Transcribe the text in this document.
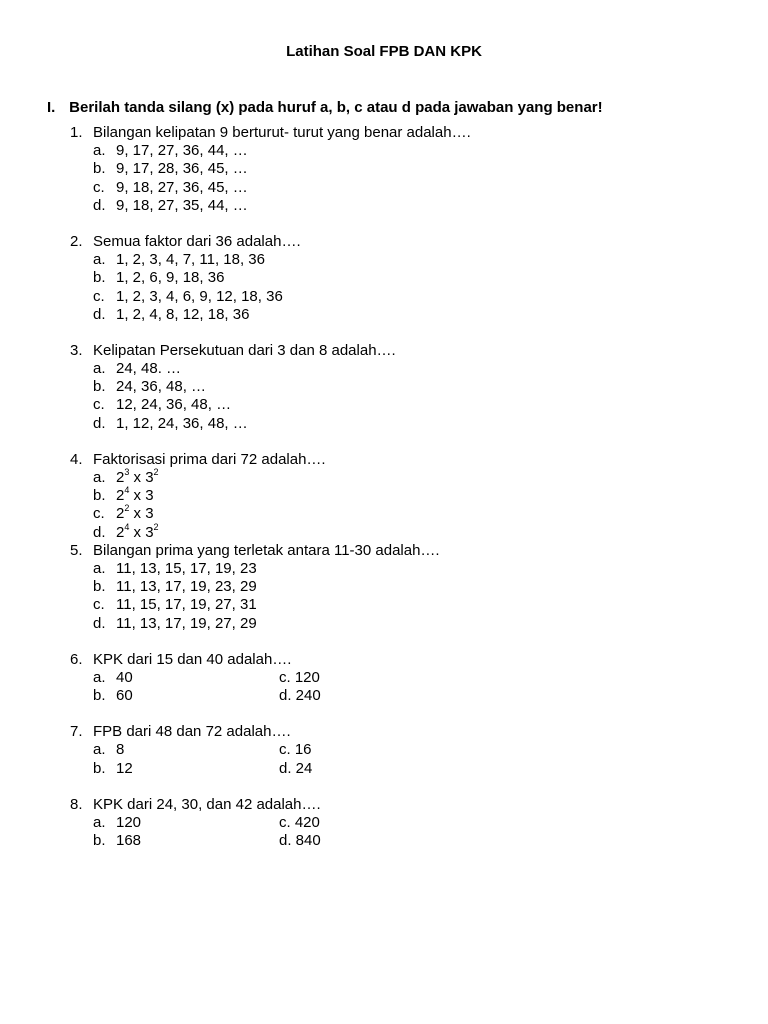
Latihan Soal FPB DAN KPK
I. Berilah tanda silang (x) pada huruf a, b, c atau d pada jawaban yang benar!
1. Bilangan kelipatan 9 berturut- turut yang benar adalah….
a. 9, 17, 27, 36, 44, …
b. 9, 17, 28, 36, 45, …
c. 9, 18, 27, 36, 45, …
d. 9, 18, 27, 35, 44, …
2. Semua faktor dari 36 adalah….
a. 1, 2, 3, 4, 7, 11, 18, 36
b. 1, 2, 6, 9, 18, 36
c. 1, 2, 3, 4, 6, 9, 12, 18, 36
d. 1, 2, 4, 8, 12, 18, 36
3. Kelipatan Persekutuan dari 3 dan 8 adalah….
a. 24, 48. …
b. 24, 36, 48, …
c. 12, 24, 36, 48, …
d. 1, 12, 24, 36, 48, …
4. Faktorisasi prima dari 72 adalah….
a. $2^3$ x $3^2$
b. $2^4$ x 3
c. $2^2$ x 3
d. $2^4$ x $3^2$
5. Bilangan prima yang terletak antara 11-30 adalah….
a. 11, 13, 15, 17, 19, 23
b. 11, 13, 17, 19, 23, 29
c. 11, 15, 17, 19, 27, 31
d. 11, 13, 17, 19, 27, 29
6. KPK dari 15 dan 40 adalah….
a. 40	c. 120
b. 60	d. 240
7. FPB dari 48 dan 72 adalah….
a. 8	c. 16
b. 12	d. 24
8. KPK dari 24, 30, dan 42 adalah….
a. 120	c. 420
b. 168	d. 840
